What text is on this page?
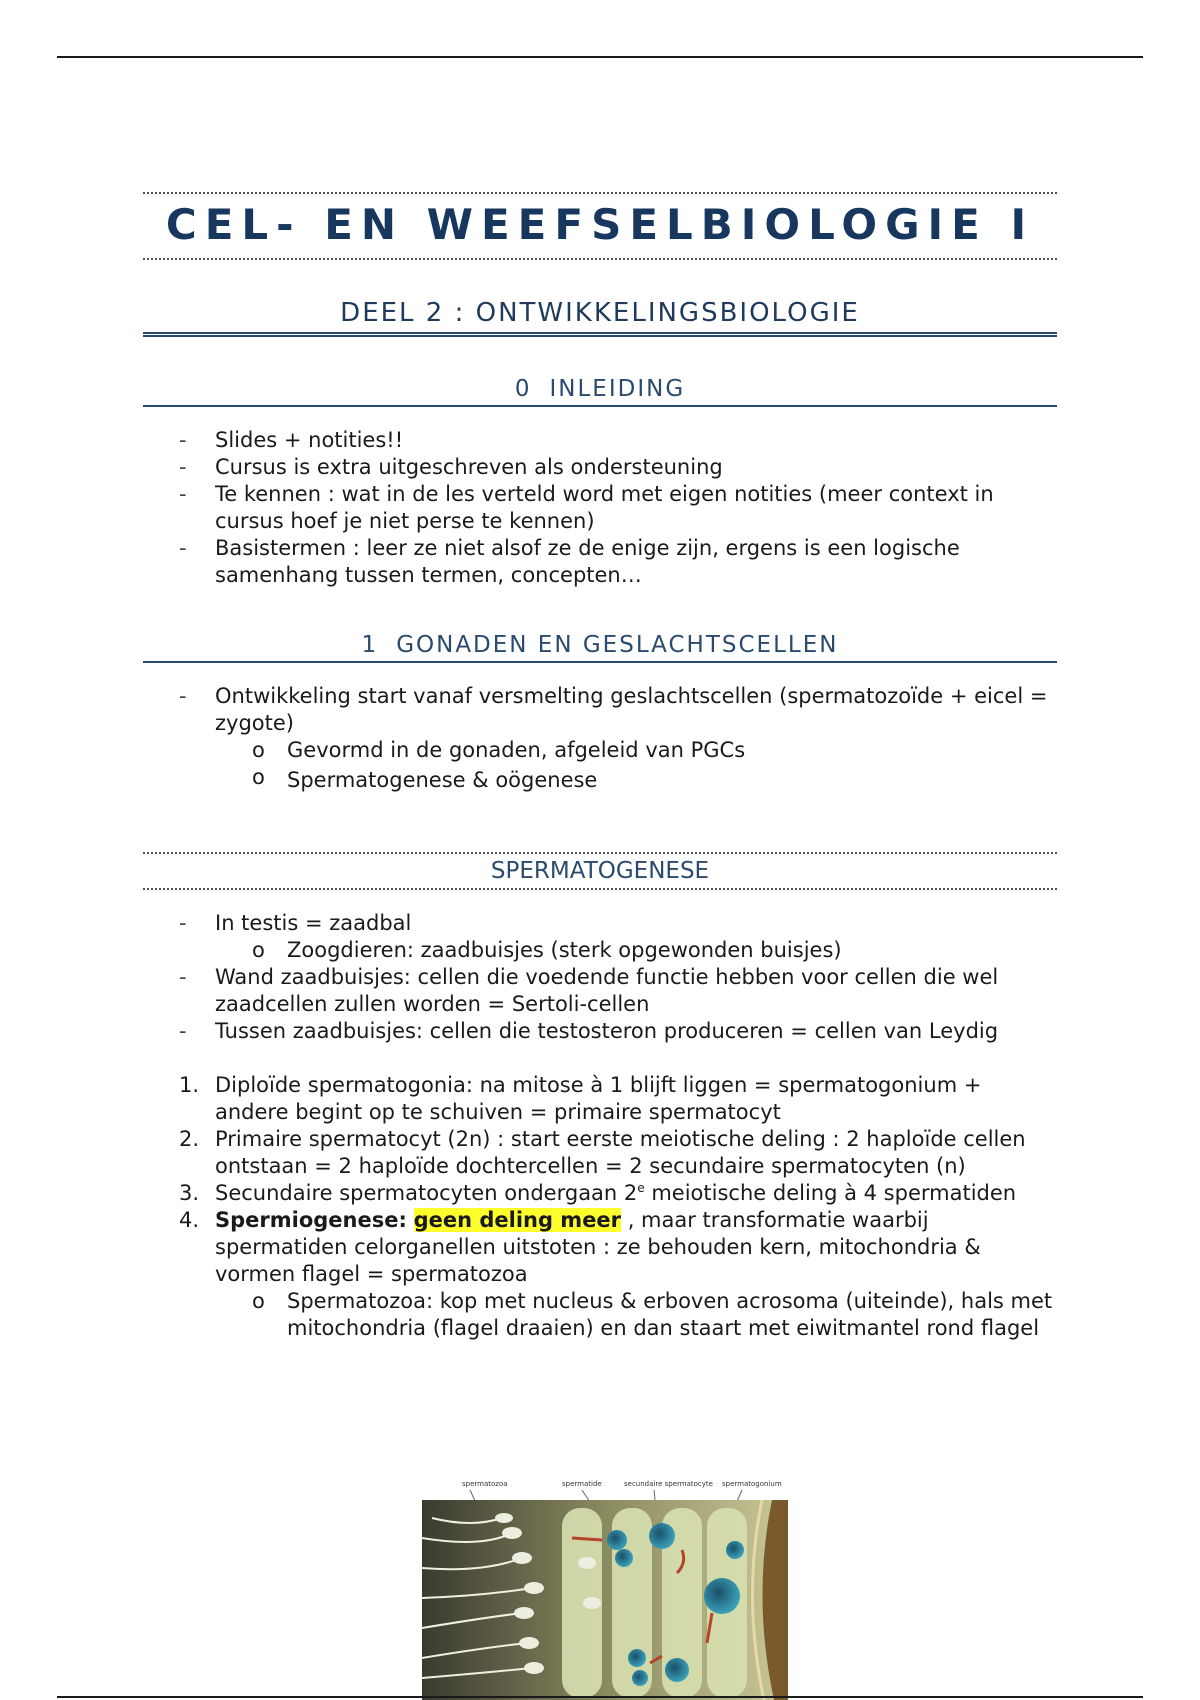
CEL- EN WEEFSELBIOLOGIE I
DEEL 2 : ONTWIKKELINGSBIOLOGIE
0 INLEIDING
- Slides + notities!!
- Cursus is extra uitgeschreven als ondersteuning
- Te kennen : wat in de les verteld word met eigen notities (meer context in cursus hoef je niet perse te kennen)
- Basistermen : leer ze niet alsof ze de enige zijn, ergens is een logische samenhang tussen termen, concepten…
1 GONADEN EN GESLACHTSCELLEN
- Ontwikkeling start vanaf versmelting geslachtscellen (spermatozoïde + eicel = zygote)
o Gevormd in de gonaden, afgeleid van PGCs
o Spermatogenese & oögenese
SPERMATOGENESE
- In testis = zaadbal
o Zoogdieren: zaadbuisjes (sterk opgewonden buisjes)
- Wand zaadbuisjes: cellen die voedende functie hebben voor cellen die wel zaadcellen zullen worden = Sertoli-cellen
- Tussen zaadbuisjes: cellen die testosteron produceren = cellen van Leydig
1. Diploïde spermatogonia: na mitose à 1 blijft liggen = spermatogonium + andere begint op te schuiven = primaire spermatocyt
2. Primaire spermatocyt (2n) : start eerste meiotische deling : 2 haploïde cellen ontstaan = 2 haploïde dochtercellen = 2 secundaire spermatocyten (n)
3. Secundaire spermatocyten ondergaan 2e meiotische deling à 4 spermatiden
4. Spermiogenese: geen deling meer , maar transformatie waarbij spermatiden celorganellen uitstoten : ze behouden kern, mitochondria & vormen flagel = spermatozoa
o Spermatozoa: kop met nucleus & erboven acrosoma (uiteinde), hals met mitochondria (flagel draaien) en dan staart met eiwitmantel rond flagel
spermatozoa	spermatide	secundaire spermatocyte spermatogonium
